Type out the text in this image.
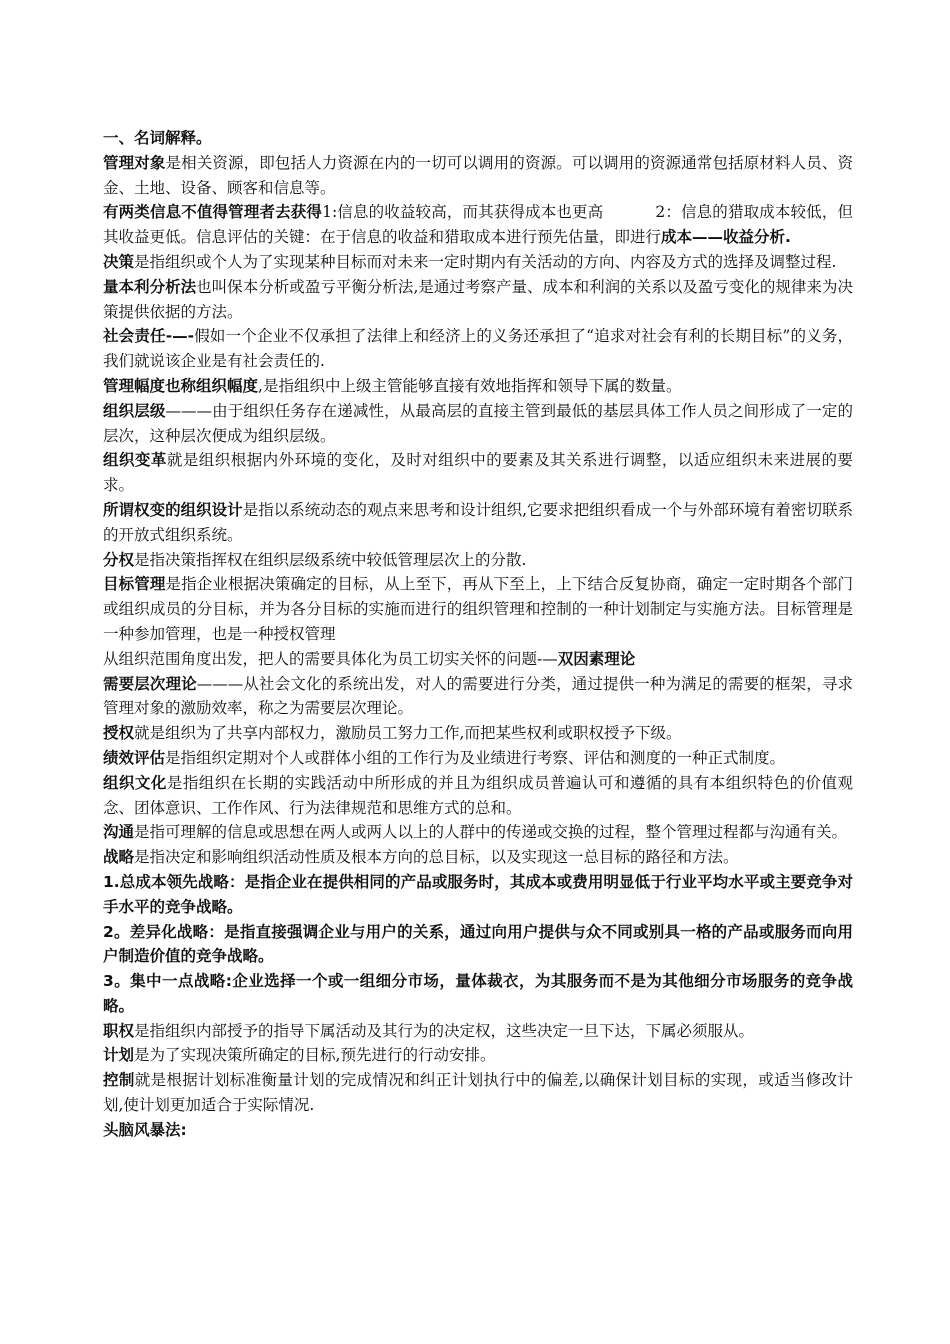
一、名词解释。

管理对象是相关资源，即包括人力资源在内的一切可以调用的资源。可以调用的资源通常包括原材料人员、资金、土地、设备、顾客和信息等。

有两类信息不值得管理者去获得1:信息的收益较高，而其获得成本也更高	2：信息的猎取成本较低，但其收益更低。信息评估的关键：在于信息的收益和猎取成本进行预先估量，即进行成本——收益分析.

决策是指组织或个人为了实现某种目标而对未来一定时期内有关活动的方向、内容及方式的选择及调整过程.

量本利分析法也叫保本分析或盈亏平衡分析法,是通过考察产量、成本和利润的关系以及盈亏变化的规律来为决策提供依据的方法。

社会责任-—-假如一个企业不仅承担了法律上和经济上的义务还承担了“追求对社会有利的长期目标”的义务，我们就说该企业是有社会责任的.

管理幅度也称组织幅度,是指组织中上级主管能够直接有效地指挥和领导下属的数量。

组织层级———由于组织任务存在递减性，从最高层的直接主管到最低的基层具体工作人员之间形成了一定的层次，这种层次便成为组织层级。

组织变革就是组织根据内外环境的变化，及时对组织中的要素及其关系进行调整，以适应组织未来进展的要求。

所谓权变的组织设计是指以系统动态的观点来思考和设计组织,它要求把组织看成一个与外部环境有着密切联系的开放式组织系统。

分权是指决策指挥权在组织层级系统中较低管理层次上的分散.

目标管理是指企业根据决策确定的目标，从上至下，再从下至上，上下结合反复协商，确定一定时期各个部门或组织成员的分目标，并为各分目标的实施而进行的组织管理和控制的一种计划制定与实施方法。目标管理是一种参加管理，也是一种授权管理

从组织范围角度出发，把人的需要具体化为员工切实关怀的问题-—双因素理论

需要层次理论———从社会文化的系统出发，对人的需要进行分类，通过提供一种为满足的需要的框架，寻求管理对象的激励效率，称之为需要层次理论。

授权就是组织为了共享内部权力，激励员工努力工作,而把某些权利或职权授予下级。

绩效评估是指组织定期对个人或群体小组的工作行为及业绩进行考察、评估和测度的一种正式制度。

组织文化是指组织在长期的实践活动中所形成的并且为组织成员普遍认可和遵循的具有本组织特色的价值观念、团体意识、工作作风、行为法律规范和思维方式的总和。

沟通是指可理解的信息或思想在两人或两人以上的人群中的传递或交换的过程，整个管理过程都与沟通有关。

战略是指决定和影响组织活动性质及根本方向的总目标，以及实现这一总目标的路径和方法。

1.总成本领先战略：是指企业在提供相同的产品或服务时，其成本或费用明显低于行业平均水平或主要竞争对手水平的竞争战略。

2。差异化战略：是指直接强调企业与用户的关系，通过向用户提供与众不同或别具一格的产品或服务而向用户制造价值的竞争战略。

3。集中一点战略:企业选择一个或一组细分市场，量体裁衣，为其服务而不是为其他细分市场服务的竞争战略。

职权是指组织内部授予的指导下属活动及其行为的决定权，这些决定一旦下达，下属必须服从。

计划是为了实现决策所确定的目标,预先进行的行动安排。

控制就是根据计划标准衡量计划的完成情况和纠正计划执行中的偏差,以确保计划目标的实现，或适当修改计划,使计划更加适合于实际情况.

头脑风暴法:
